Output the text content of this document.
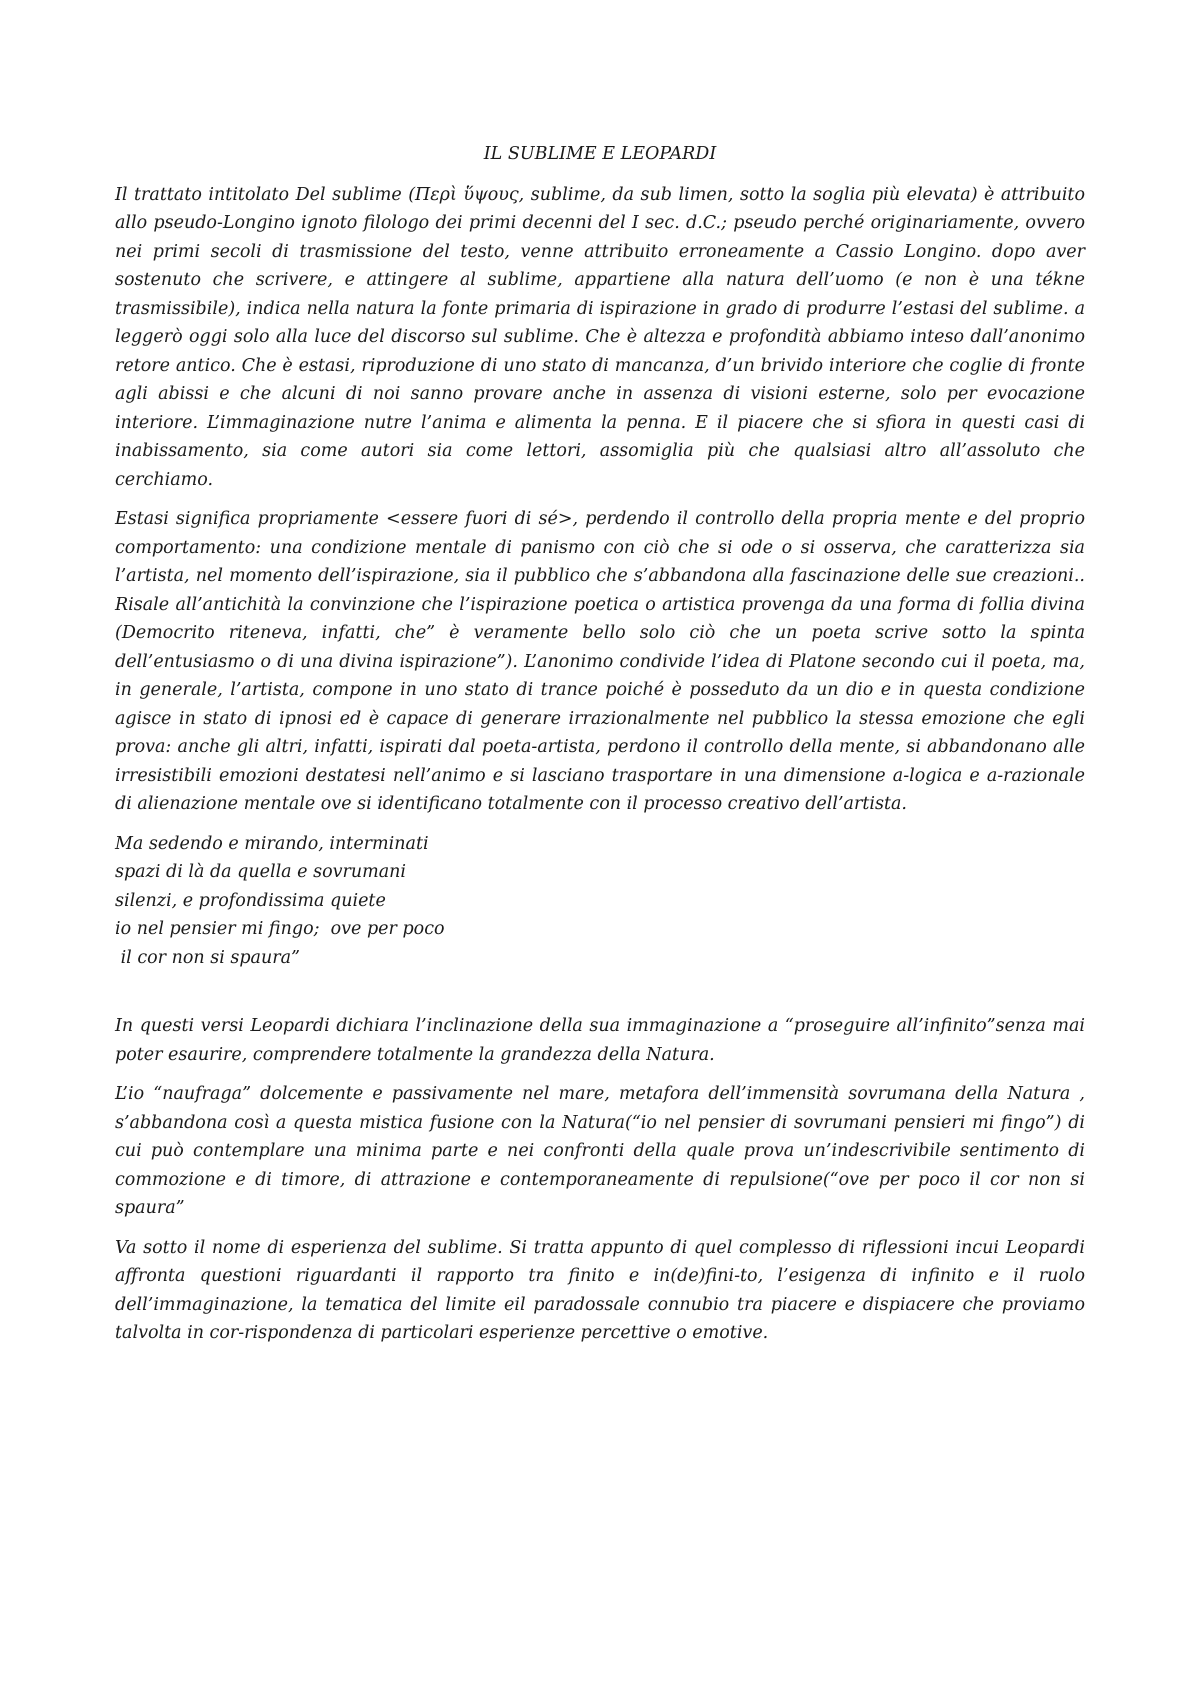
IL SUBLIME E LEOPARDI

Il trattato intitolato Del sublime (Περὶ ὕψους, sublime, da sub limen, sotto la soglia più elevata) è attribuito allo pseudo-Longino ignoto filologo dei primi decenni del I sec. d.C.; pseudo perché originariamente, ovvero nei primi secoli di trasmissione del testo, venne attribuito erroneamente a Cassio Longino. dopo aver sostenuto che scrivere, e attingere al sublime, appartiene alla natura dell’uomo (e non è una tékne trasmissibile), indica nella natura la fonte primaria di ispirazione in grado di produrre l’estasi del sublime. a leggerò oggi solo alla luce del discorso sul sublime. Che è altezza e profondità abbiamo inteso dall’anonimo retore antico. Che è estasi, riproduzione di uno stato di mancanza, d’un brivido interiore che coglie di fronte agli abissi e che alcuni di noi sanno provare anche in assenza di visioni esterne, solo per evocazione interiore. L’immaginazione nutre l’anima e alimenta la penna. E il piacere che si sfiora in questi casi di inabissamento, sia come autori sia come lettori, assomiglia più che qualsiasi altro all’assoluto che cerchiamo.

Estasi significa propriamente <essere fuori di sé>, perdendo il controllo della propria mente e del proprio comportamento: una condizione mentale di panismo con ciò che si ode o si osserva, che caratterizza sia l’artista, nel momento dell’ispirazione, sia il pubblico che s’abbandona alla fascinazione delle sue creazioni.. Risale all’antichità la convinzione che l’ispirazione poetica o artistica provenga da una forma di follia divina (Democrito riteneva, infatti, che” è veramente bello solo ciò che un poeta scrive sotto la spinta dell’entusiasmo o di una divina ispirazione”). L’anonimo condivide l’idea di Platone secondo cui il poeta, ma, in generale, l’artista, compone in uno stato di trance poiché è posseduto da un dio e in questa condizione agisce in stato di ipnosi ed è capace di generare irrazionalmente nel pubblico la stessa emozione che egli prova: anche gli altri, infatti, ispirati dal poeta-artista, perdono il controllo della mente, si abbandonano alle irresistibili emozioni destatesi nell’animo e si lasciano trasportare in una dimensione a-logica e a-razionale di alienazione mentale ove si identificano totalmente con il processo creativo dell’artista.

Ma sedendo e mirando, interminati
spazi di là da quella e sovrumani
silenzi, e profondissima quiete
io nel pensier mi fingo;  ove per poco
il cor non si spaura”

In questi versi Leopardi dichiara l’inclinazione della sua immaginazione a “proseguire all’infinito”senza mai poter esaurire, comprendere totalmente la grandezza della Natura.

L’io “naufraga” dolcemente e passivamente nel mare, metafora dell’immensità sovrumana della Natura , s’abbandona così a questa mistica fusione con la Natura(“io nel pensier di sovrumani pensieri mi fingo”) di cui può contemplare una minima parte e nei confronti della quale prova un’indescrivibile sentimento di commozione e di timore, di attrazione e contemporaneamente di repulsione(“ove per poco il cor non si spaura”

Va sotto il nome di esperienza del sublime. Si tratta appunto di quel complesso di riflessioni incui Leopardi affronta questioni riguardanti il rapporto tra finito e in(de)fini-to, l’esigenza di infinito e il ruolo dell’immaginazione, la tematica del limite eil paradossale connubio tra piacere e dispiacere che proviamo talvolta in cor-rispondenza di particolari esperienze percettive o emotive.
